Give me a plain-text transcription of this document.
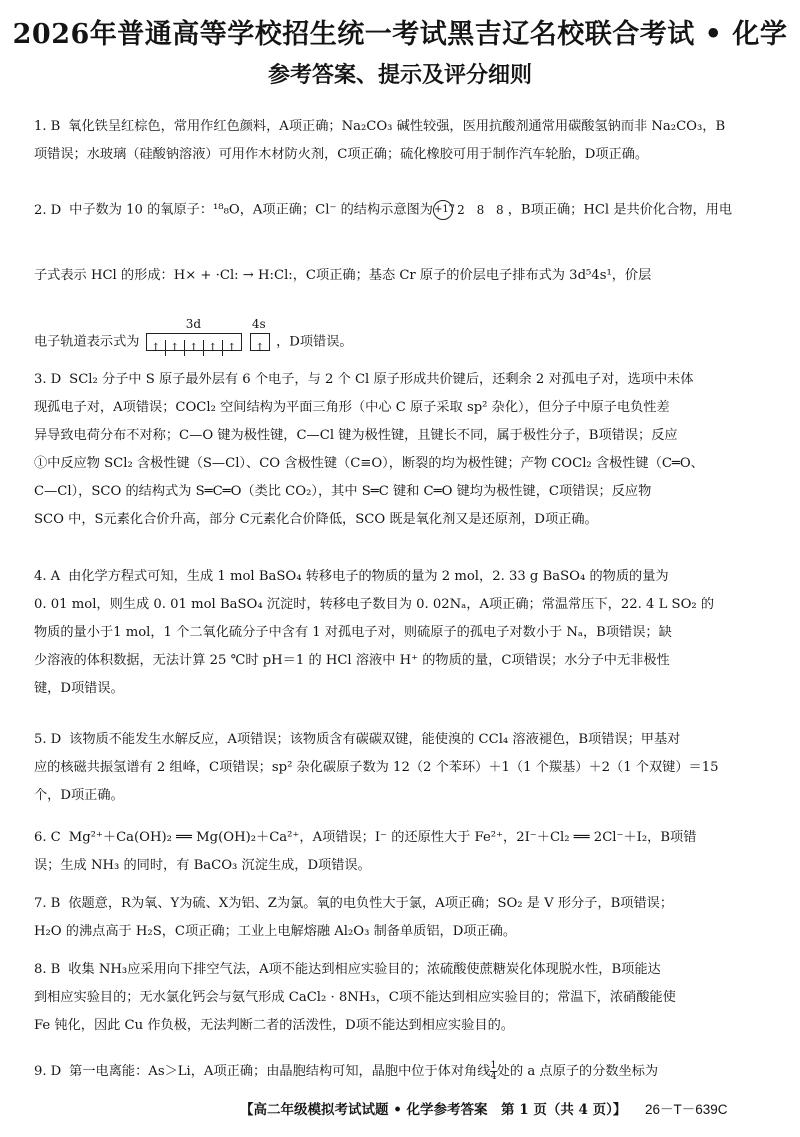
2026年普通高等学校招生统一考试黑吉辽名校联合考试 • 化学
参考答案、提示及评分细则
1. B 氧化铁呈红棕色，常用作红色颜料，A项正确；Na₂CO₃ 碱性较强，医用抗酸剂通常用碳酸氢钠而非 Na₂CO₃，B
项错误；水玻璃（硅酸钠溶液）可用作木材防火剂，C项正确；硫化橡胶可用于制作汽车轮胎，D项正确。
2. D 中子数为 10 的氧原子：¹⁸₈O，A项正确；Cl⁻ 的结构示意图为+17 2 8 8，B项正确；HCl 是共价化合物，用电
子式表示 HCl 的形成：H× + ·Cl: → H:Cl:，C项正确；基态 Cr 原子的价层电子排布式为 3d⁵4s¹，价层
电子轨道表示式为
3d
↑ ↑ ↑ ↑ ↑
4s
↑ ，D项错误。
3. D SCl₂ 分子中 S 原子最外层有 6 个电子，与 2 个 Cl 原子形成共价键后，还剩余 2 对孤电子对，选项中未体
现孤电子对，A项错误；COCl₂ 空间结构为平面三角形（中心 C 原子采取 sp² 杂化），但分子中原子电负性差
异导致电荷分布不对称；C—O 键为极性键，C—Cl 键为极性键，且键长不同，属于极性分子，B项错误；反应
①中反应物 SCl₂ 含极性键（S—Cl）、CO 含极性键（C≡O），断裂的均为极性键；产物 COCl₂ 含极性键（C═O、
C—Cl），SCO 的结构式为 S═C═O（类比 CO₂），其中 S═C 键和 C═O 键均为极性键，C项错误；反应物
SCO 中，S元素化合价升高，部分 C元素化合价降低，SCO 既是氧化剂又是还原剂，D项正确。
4. A 由化学方程式可知，生成 1 mol BaSO₄ 转移电子的物质的量为 2 mol，2. 33 g BaSO₄ 的物质的量为
0. 01 mol，则生成 0. 01 mol BaSO₄ 沉淀时，转移电子数目为 0. 02Nₐ，A项正确；常温常压下，22. 4 L SO₂ 的
物质的量小于1 mol，1 个二氧化硫分子中含有 1 对孤电子对，则硫原子的孤电子对数小于 Nₐ，B项错误；缺
少溶液的体积数据，无法计算 25 ℃时 pH＝1 的 HCl 溶液中 H⁺ 的物质的量，C项错误；水分子中无非极性
键，D项错误。
5. D 该物质不能发生水解反应，A项错误；该物质含有碳碳双键，能使溴的 CCl₄ 溶液褪色，B项错误；甲基对
应的核磁共振氢谱有 2 组峰，C项错误；sp² 杂化碳原子数为 12（2 个苯环）＋1（1 个羰基）＋2（1 个双键）＝15
个，D项正确。
6. C Mg²⁺＋Ca(OH)₂ ══ Mg(OH)₂＋Ca²⁺，A项错误；I⁻ 的还原性大于 Fe²⁺，2I⁻＋Cl₂ ══ 2Cl⁻＋I₂，B项错
误；生成 NH₃ 的同时，有 BaCO₃ 沉淀生成，D项错误。
7. B 依题意，R为氧、Y为硫、X为铝、Z为氯。氧的电负性大于氯，A项正确；SO₂ 是 V 形分子，B项错误；
H₂O 的沸点高于 H₂S，C项正确；工业上电解熔融 Al₂O₃ 制备单质铝，D项正确。
8. B 收集 NH₃应采用向下排空气法，A项不能达到相应实验目的；浓硫酸使蔗糖炭化体现脱水性，B项能达
到相应实验目的；无水氯化钙会与氨气形成 CaCl₂ · 8NH₃，C项不能达到相应实验目的；常温下，浓硝酸能使
Fe 钝化，因此 Cu 作负极，无法判断二者的活泼性，D项不能达到相应实验目的。
9. D 第一电离能：As＞Li，A项正确；由晶胞结构可知，晶胞中位于体对角线 $\frac{1}{4}$ 处的 a 点原子的分数坐标为
【高二年级模拟考试试题 • 化学参考答案　第 1 页（共 4 页）】 26－T－639C
